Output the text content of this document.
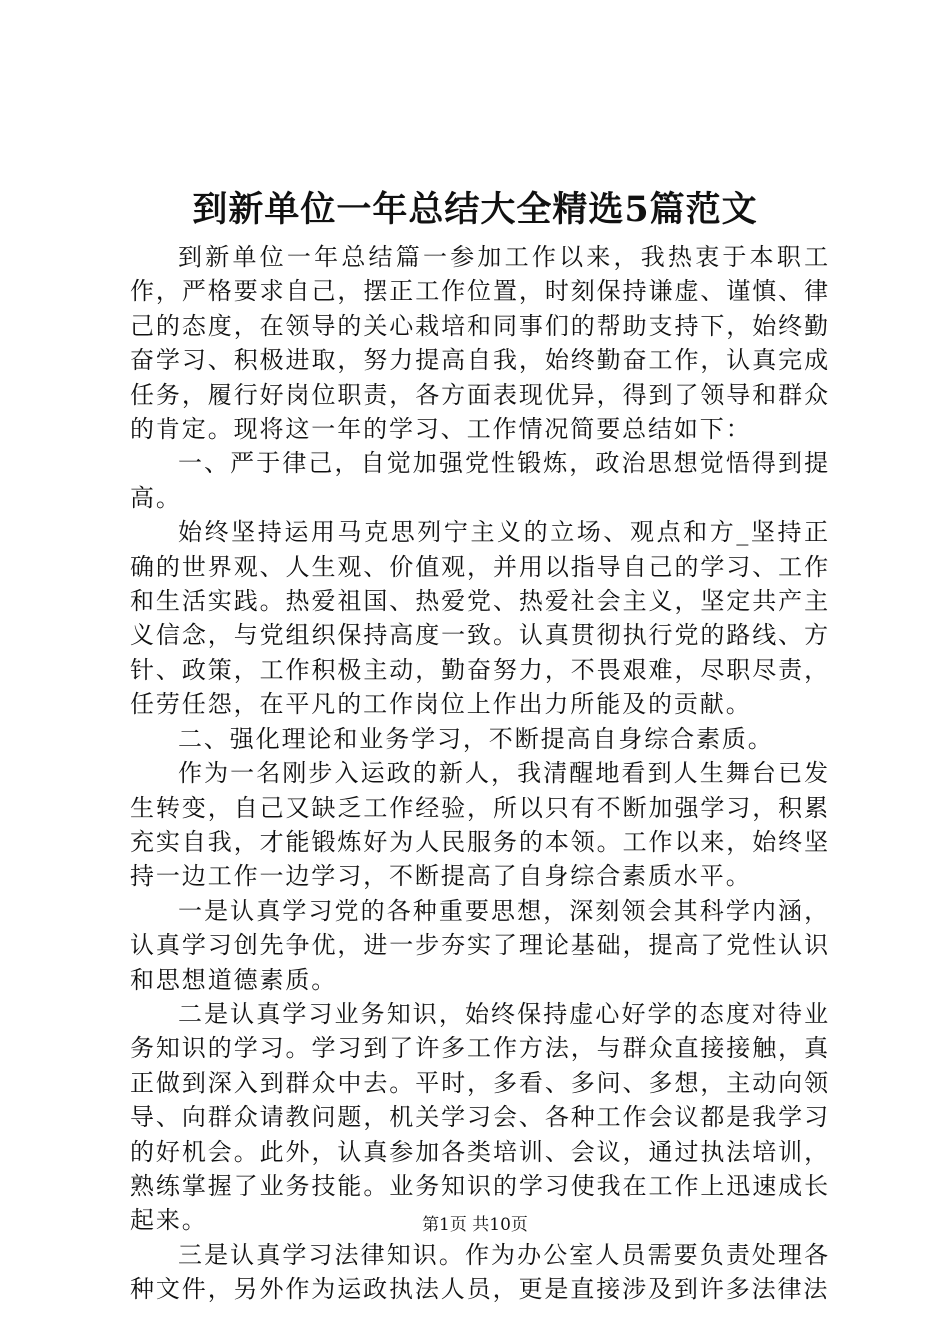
到新单位一年总结大全精选5篇范文

到新单位一年总结篇一参加工作以来，我热衷于本职工作，严格要求自己，摆正工作位置，时刻保持谦虚、谨慎、律己的态度，在领导的关心栽培和同事们的帮助支持下，始终勤奋学习、积极进取，努力提高自我，始终勤奋工作，认真完成任务，履行好岗位职责，各方面表现优异，得到了领导和群众的肯定。现将这一年的学习、工作情况简要总结如下：

一、严于律己，自觉加强党性锻炼，政治思想觉悟得到提高。

始终坚持运用马克思列宁主义的立场、观点和方_坚持正确的世界观、人生观、价值观，并用以指导自己的学习、工作和生活实践。热爱祖国、热爱党、热爱社会主义，坚定共产主义信念，与党组织保持高度一致。认真贯彻执行党的路线、方针、政策，工作积极主动，勤奋努力，不畏艰难，尽职尽责，任劳任怨，在平凡的工作岗位上作出力所能及的贡献。

二、强化理论和业务学习，不断提高自身综合素质。

作为一名刚步入运政的新人，我清醒地看到人生舞台已发生转变，自己又缺乏工作经验，所以只有不断加强学习，积累充实自我，才能锻炼好为人民服务的本领。工作以来，始终坚持一边工作一边学习，不断提高了自身综合素质水平。

一是认真学习党的各种重要思想，深刻领会其科学内涵，认真学习创先争优，进一步夯实了理论基础，提高了党性认识和思想道德素质。

二是认真学习业务知识，始终保持虚心好学的态度对待业务知识的学习。学习到了许多工作方法，与群众直接接触，真正做到深入到群众中去。平时，多看、多问、多想，主动向领导、向群众请教问题，机关学习会、各种工作会议都是我学习的好机会。此外，认真参加各类培训、会议，通过执法培训，熟练掌握了业务技能。业务知识的学习使我在工作上迅速成长起来。

三是认真学习法律知识。作为办公室人员需要负责处理各种文件，另外作为运政执法人员，更是直接涉及到许多法律法

第1页 共10页
